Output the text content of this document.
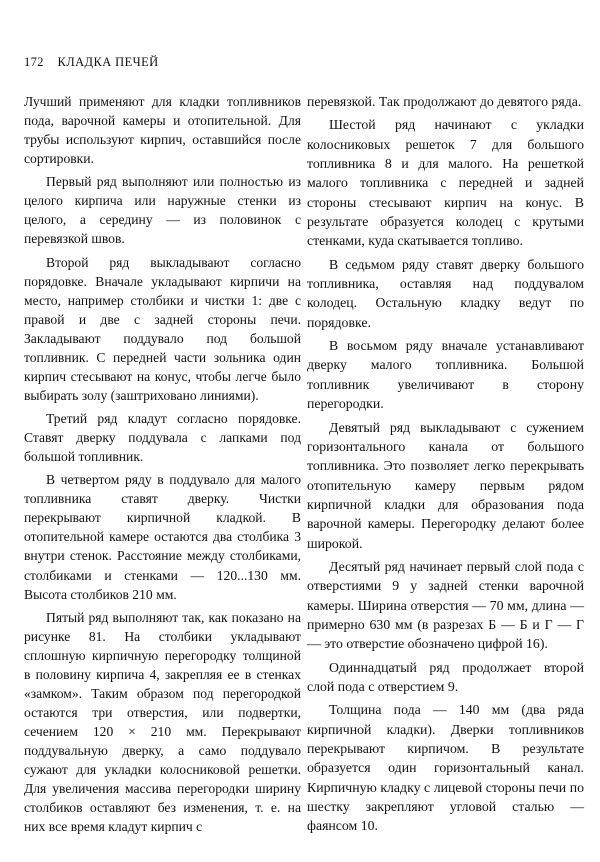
172 КЛАДКА ПЕЧЕЙ

Лучший применяют для кладки топливников пода, варочной камеры и отопительной. Для трубы используют кирпич, оставшийся после сортировки.

Первый ряд выполняют или полностью из целого кирпича или наружные стенки из целого, а середину — из половинок с перевязкой швов.

Второй ряд выкладывают согласно порядовке. Вначале укладывают кирпичи на место, например столбики и чистки 1: две с правой и две с задней стороны печи. Закладывают поддувало под большой топливник. С передней части зольника один кирпич стесывают на конус, чтобы легче было выбирать золу (заштриховано линиями).

Третий ряд кладут согласно порядовке. Ставят дверку поддувала с лапками под большой топливник.

В четвертом ряду в поддувало для малого топливника ставят дверку. Чистки перекрывают кирпичной кладкой. В отопительной камере остаются два столбика 3 внутри стенок. Расстояние между столбиками, столбиками и стенками — 120...130 мм. Высота столбиков 210 мм.

Пятый ряд выполняют так, как показано на рисунке 81. На столбики укладывают сплошную кирпичную перегородку толщиной в половину кирпича 4, закрепляя ее в стенках «замком». Таким образом под перегородкой остаются три отверстия, или подвертки, сечением 120 × 210 мм. Перекрывают поддувальную дверку, а само поддувало сужают для укладки колосниковой решетки. Для увеличения массива перегородки ширину столбиков оставляют без изменения, т. е. на них все время кладут кирпич с

перевязкой. Так продолжают до девятого ряда.

Шестой ряд начинают с укладки колосниковых решеток 7 для большого топливника 8 и для малого. На решеткой малого топливника с передней и задней стороны стесывают кирпич на конус. В результате образуется колодец с крутыми стенками, куда скатывается топливо.

В седьмом ряду ставят дверку большого топливника, оставляя над поддувалом колодец. Остальную кладку ведут по порядовке.

В восьмом ряду вначале устанавливают дверку малого топливника. Большой топливник увеличивают в сторону перегородки.

Девятый ряд выкладывают с сужением горизонтального канала от большого топливника. Это позволяет легко перекрывать отопительную камеру первым рядом кирпичной кладки для образования пода варочной камеры. Перегородку делают более широкой.

Десятый ряд начинает первый слой пода с отверстиями 9 у задней стенки варочной камеры. Ширина отверстия — 70 мм, длина — примерно 630 мм (в разрезах Б — Б и Г — Г — это отверстие обозначено цифрой 16).

Одиннадцатый ряд продолжает второй слой пода с отверстием 9.

Толщина пода — 140 мм (два ряда кирпичной кладки). Дверки топливников перекрывают кирпичом. В результате образуется один горизонтальный канал. Кирпичную кладку с лицевой стороны печи по шестку закрепляют угловой сталью — фаянсом 10.
